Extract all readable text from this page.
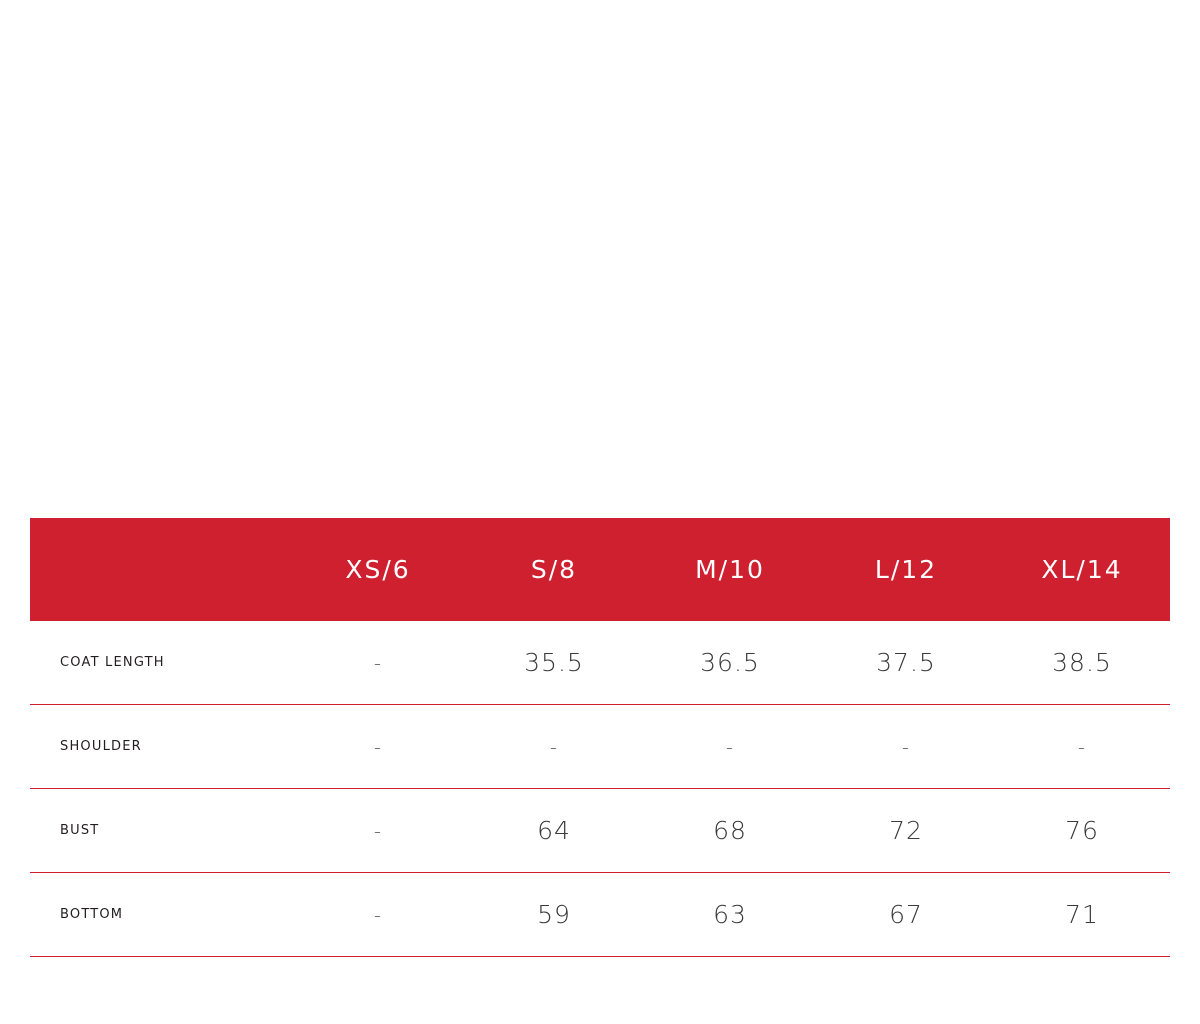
	XS/6	S/8	M/10	L/12	XL/14
COAT LENGTH	-	35.5	36.5	37.5	38.5
SHOULDER	-	-	-	-	-
BUST	-	64	68	72	76
BOTTOM	-	59	63	67	71
